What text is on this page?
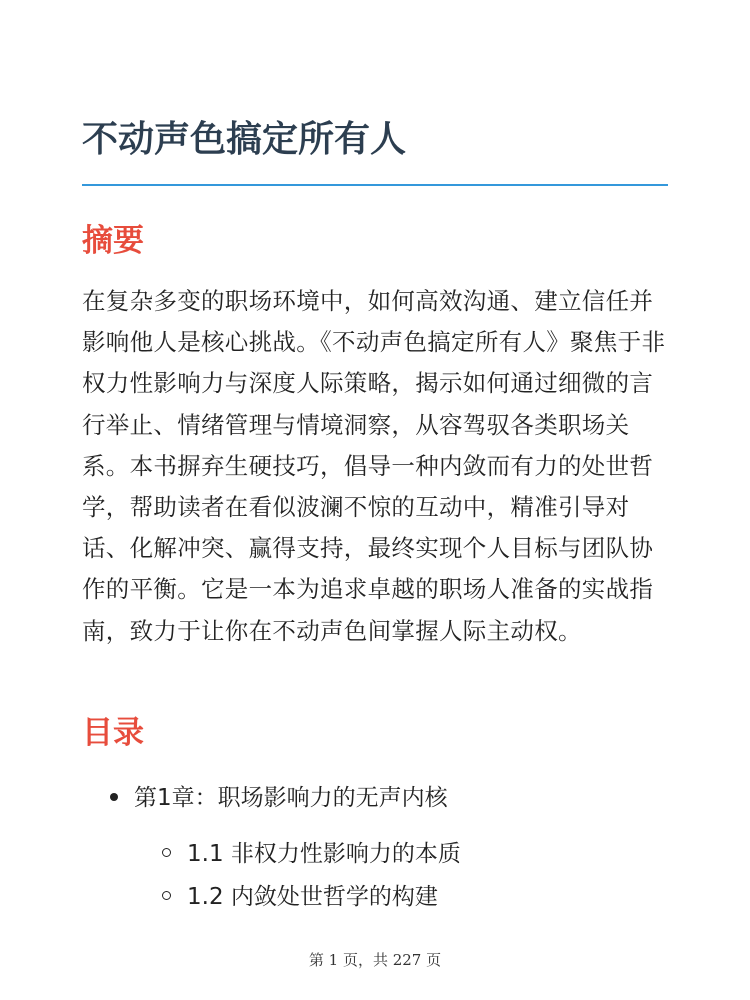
不动声色搞定所有人
摘要

在复杂多变的职场环境中，如何高效沟通、建立信任并影响他人是核心挑战。《不动声色搞定所有人》聚焦于非权力性影响力与深度人际策略，揭示如何通过细微的言行举止、情绪管理与情境洞察，从容驾驭各类职场关系。本书摒弃生硬技巧，倡导一种内敛而有力的处世哲学，帮助读者在看似波澜不惊的互动中，精准引导对话、化解冲突、赢得支持，最终实现个人目标与团队协作的平衡。它是一本为追求卓越的职场人准备的实战指南，致力于让你在不动声色间掌握人际主动权。

目录
第1章：职场影响力的无声内核
1.1 非权力性影响力的本质
1.2 内敛处世哲学的构建
第 1 页，共 227 页
